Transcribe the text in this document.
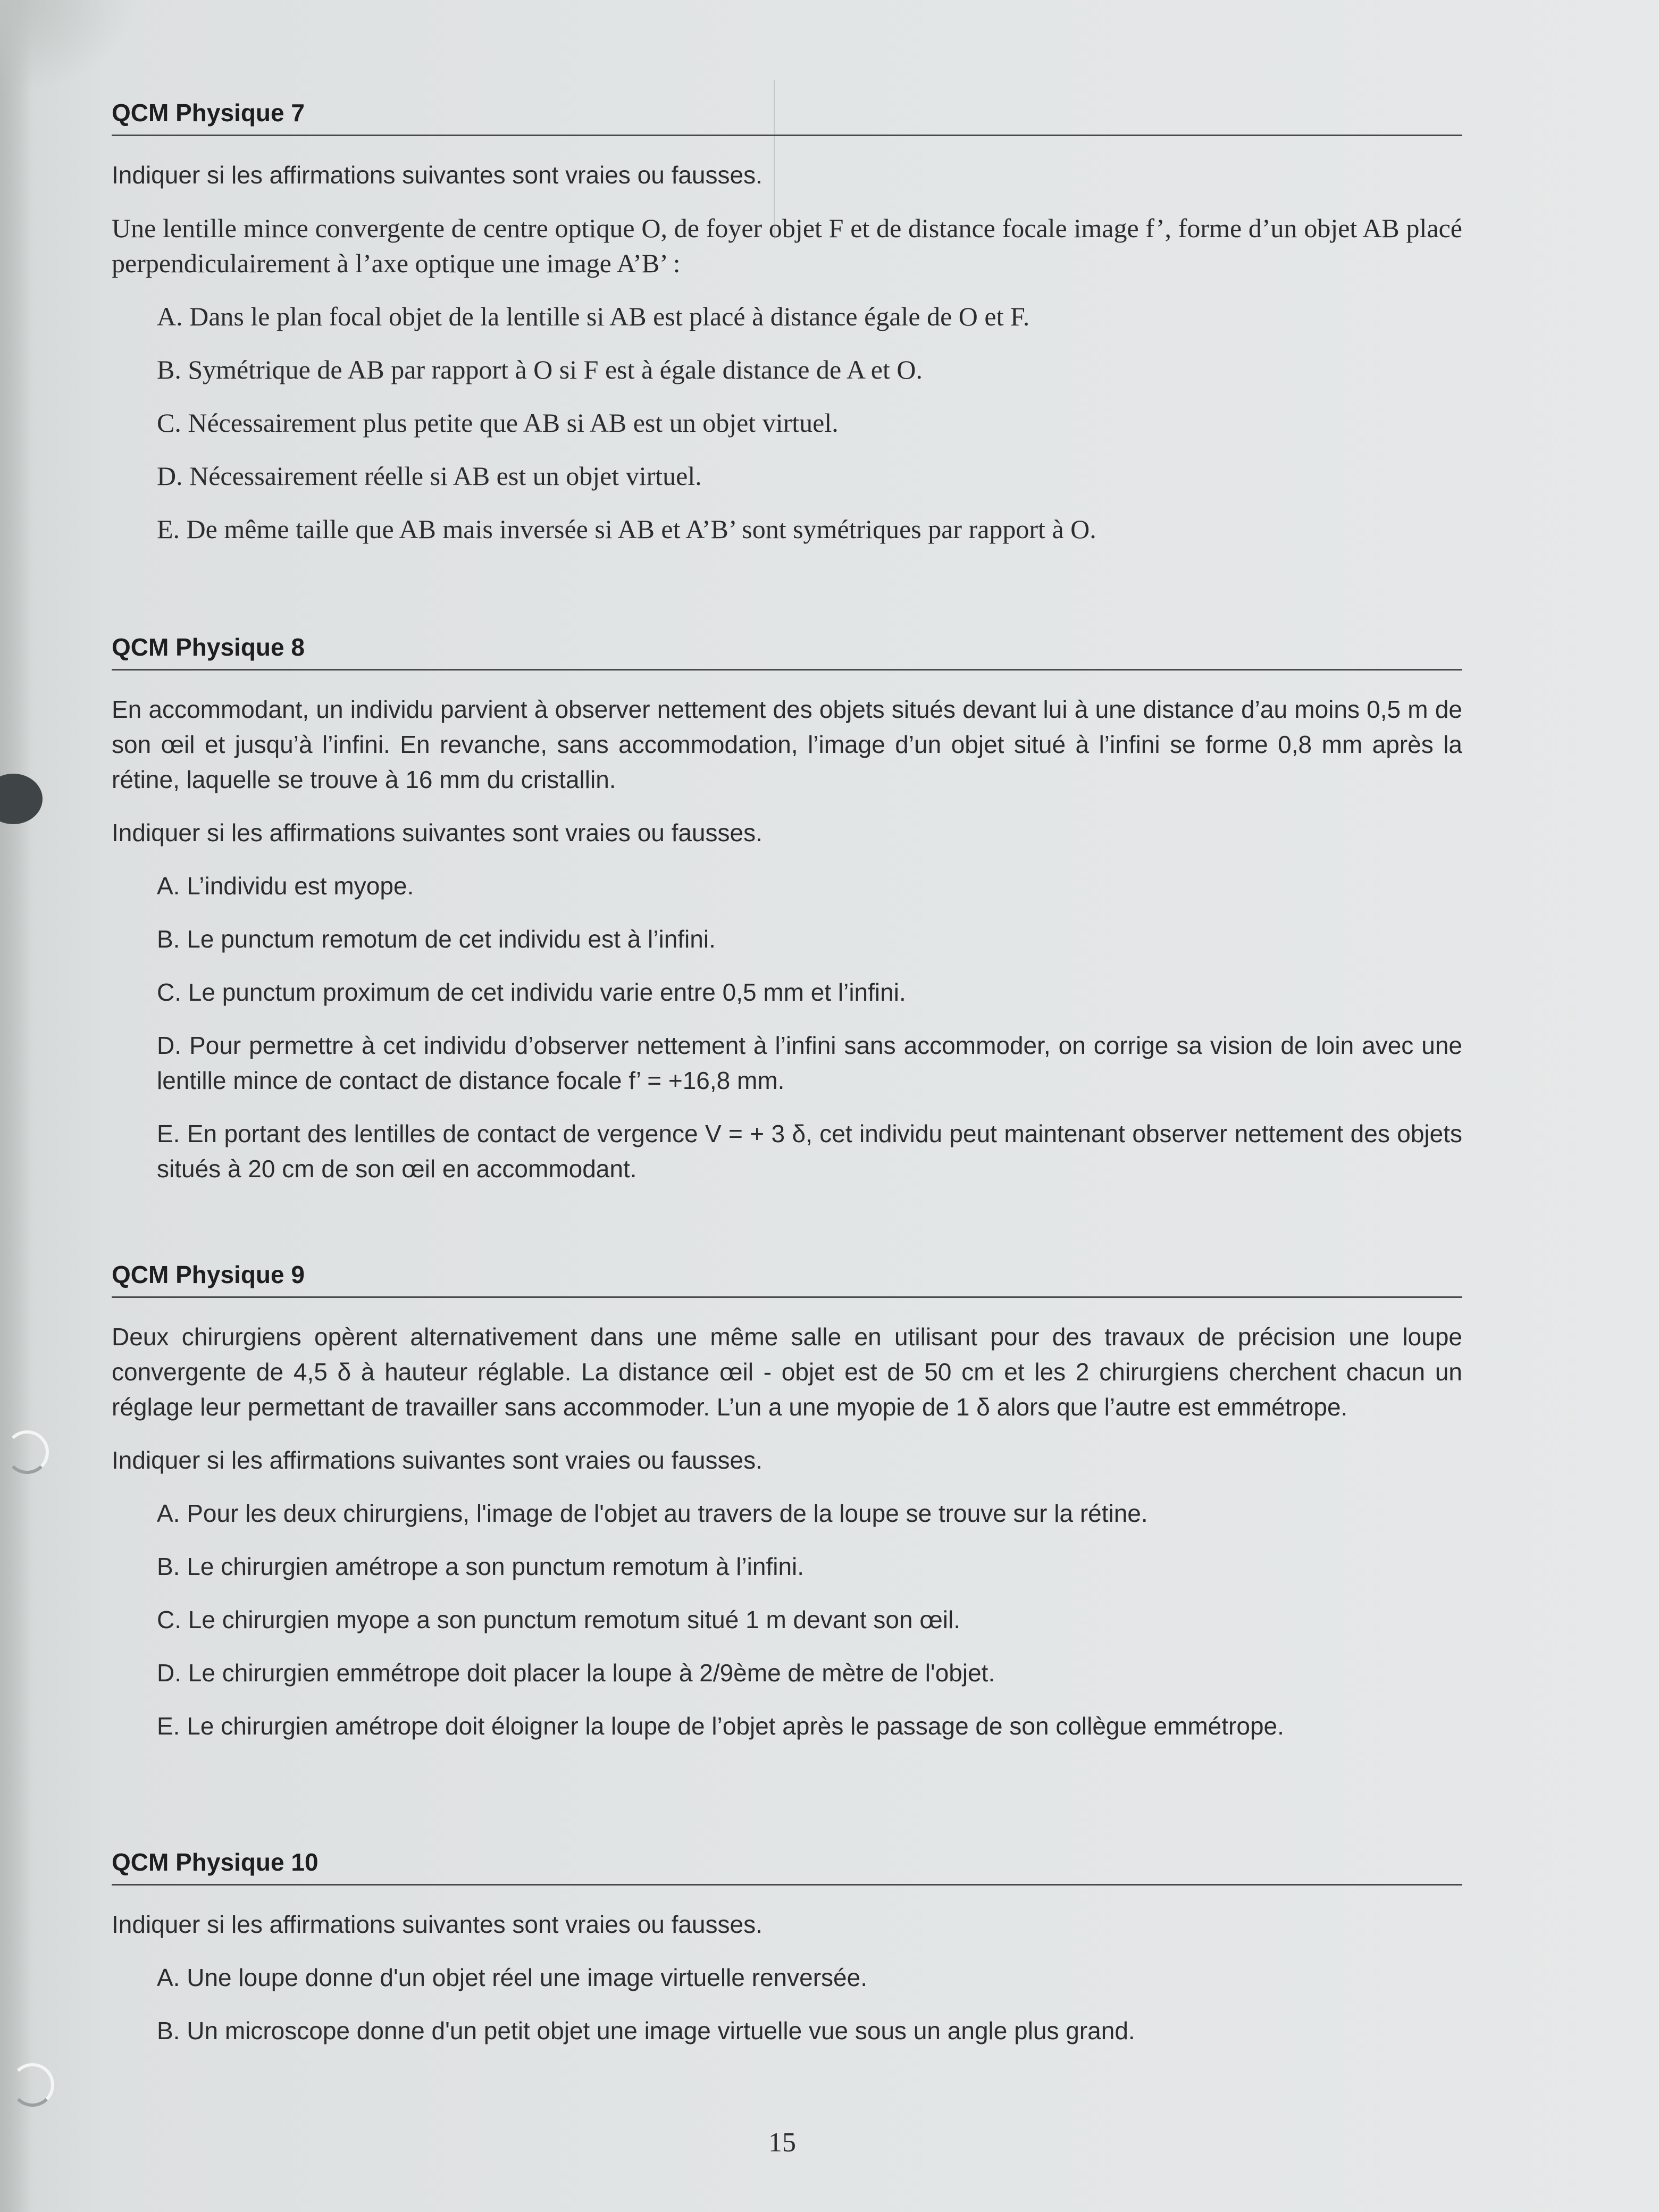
QCM Physique 7

Indiquer si les affirmations suivantes sont vraies ou fausses.

Une lentille mince convergente de centre optique O, de foyer objet F et de distance focale image f’, forme d’un objet AB placé perpendiculairement à l’axe optique une image A’B’ :

A. Dans le plan focal objet de la lentille si AB est placé à distance égale de O et F.
B. Symétrique de AB par rapport à O si F est à égale distance de A et O.
C. Nécessairement plus petite que AB si AB est un objet virtuel.
D. Nécessairement réelle si AB est un objet virtuel.
E. De même taille que AB mais inversée si AB et A’B’ sont symétriques par rapport à O.
QCM Physique 8

En accommodant, un individu parvient à observer nettement des objets situés devant lui à une distance d’au moins 0,5 m de son œil et jusqu’à l’infini. En revanche, sans accommodation, l’image d’un objet situé à l’infini se forme 0,8 mm après la rétine, laquelle se trouve à 16 mm du cristallin.

Indiquer si les affirmations suivantes sont vraies ou fausses.

A. L’individu est myope.
B. Le punctum remotum de cet individu est à l’infini.
C. Le punctum proximum de cet individu varie entre 0,5 mm et l’infini.
D. Pour permettre à cet individu d’observer nettement à l’infini sans accommoder, on corrige sa vision de loin avec une lentille mince de contact de distance focale f’ = +16,8 mm.
E. En portant des lentilles de contact de vergence V = + 3 δ, cet individu peut maintenant observer nettement des objets situés à 20 cm de son œil en accommodant.
QCM Physique 9

Deux chirurgiens opèrent alternativement dans une même salle en utilisant pour des travaux de précision une loupe convergente de 4,5 δ à hauteur réglable. La distance œil - objet est de 50 cm et les 2 chirurgiens cherchent chacun un réglage leur permettant de travailler sans accommoder. L’un a une myopie de 1 δ alors que l’autre est emmétrope.

Indiquer si les affirmations suivantes sont vraies ou fausses.

A. Pour les deux chirurgiens, l'image de l'objet au travers de la loupe se trouve sur la rétine.
B. Le chirurgien amétrope a son punctum remotum à l’infini.
C. Le chirurgien myope a son punctum remotum situé 1 m devant son œil.
D. Le chirurgien emmétrope doit placer la loupe à 2/9ème de mètre de l'objet.
E. Le chirurgien amétrope doit éloigner la loupe de l’objet après le passage de son collègue emmétrope.
QCM Physique 10

Indiquer si les affirmations suivantes sont vraies ou fausses.

A. Une loupe donne d'un objet réel une image virtuelle renversée.
B. Un microscope donne d'un petit objet une image virtuelle vue sous un angle plus grand.
15
